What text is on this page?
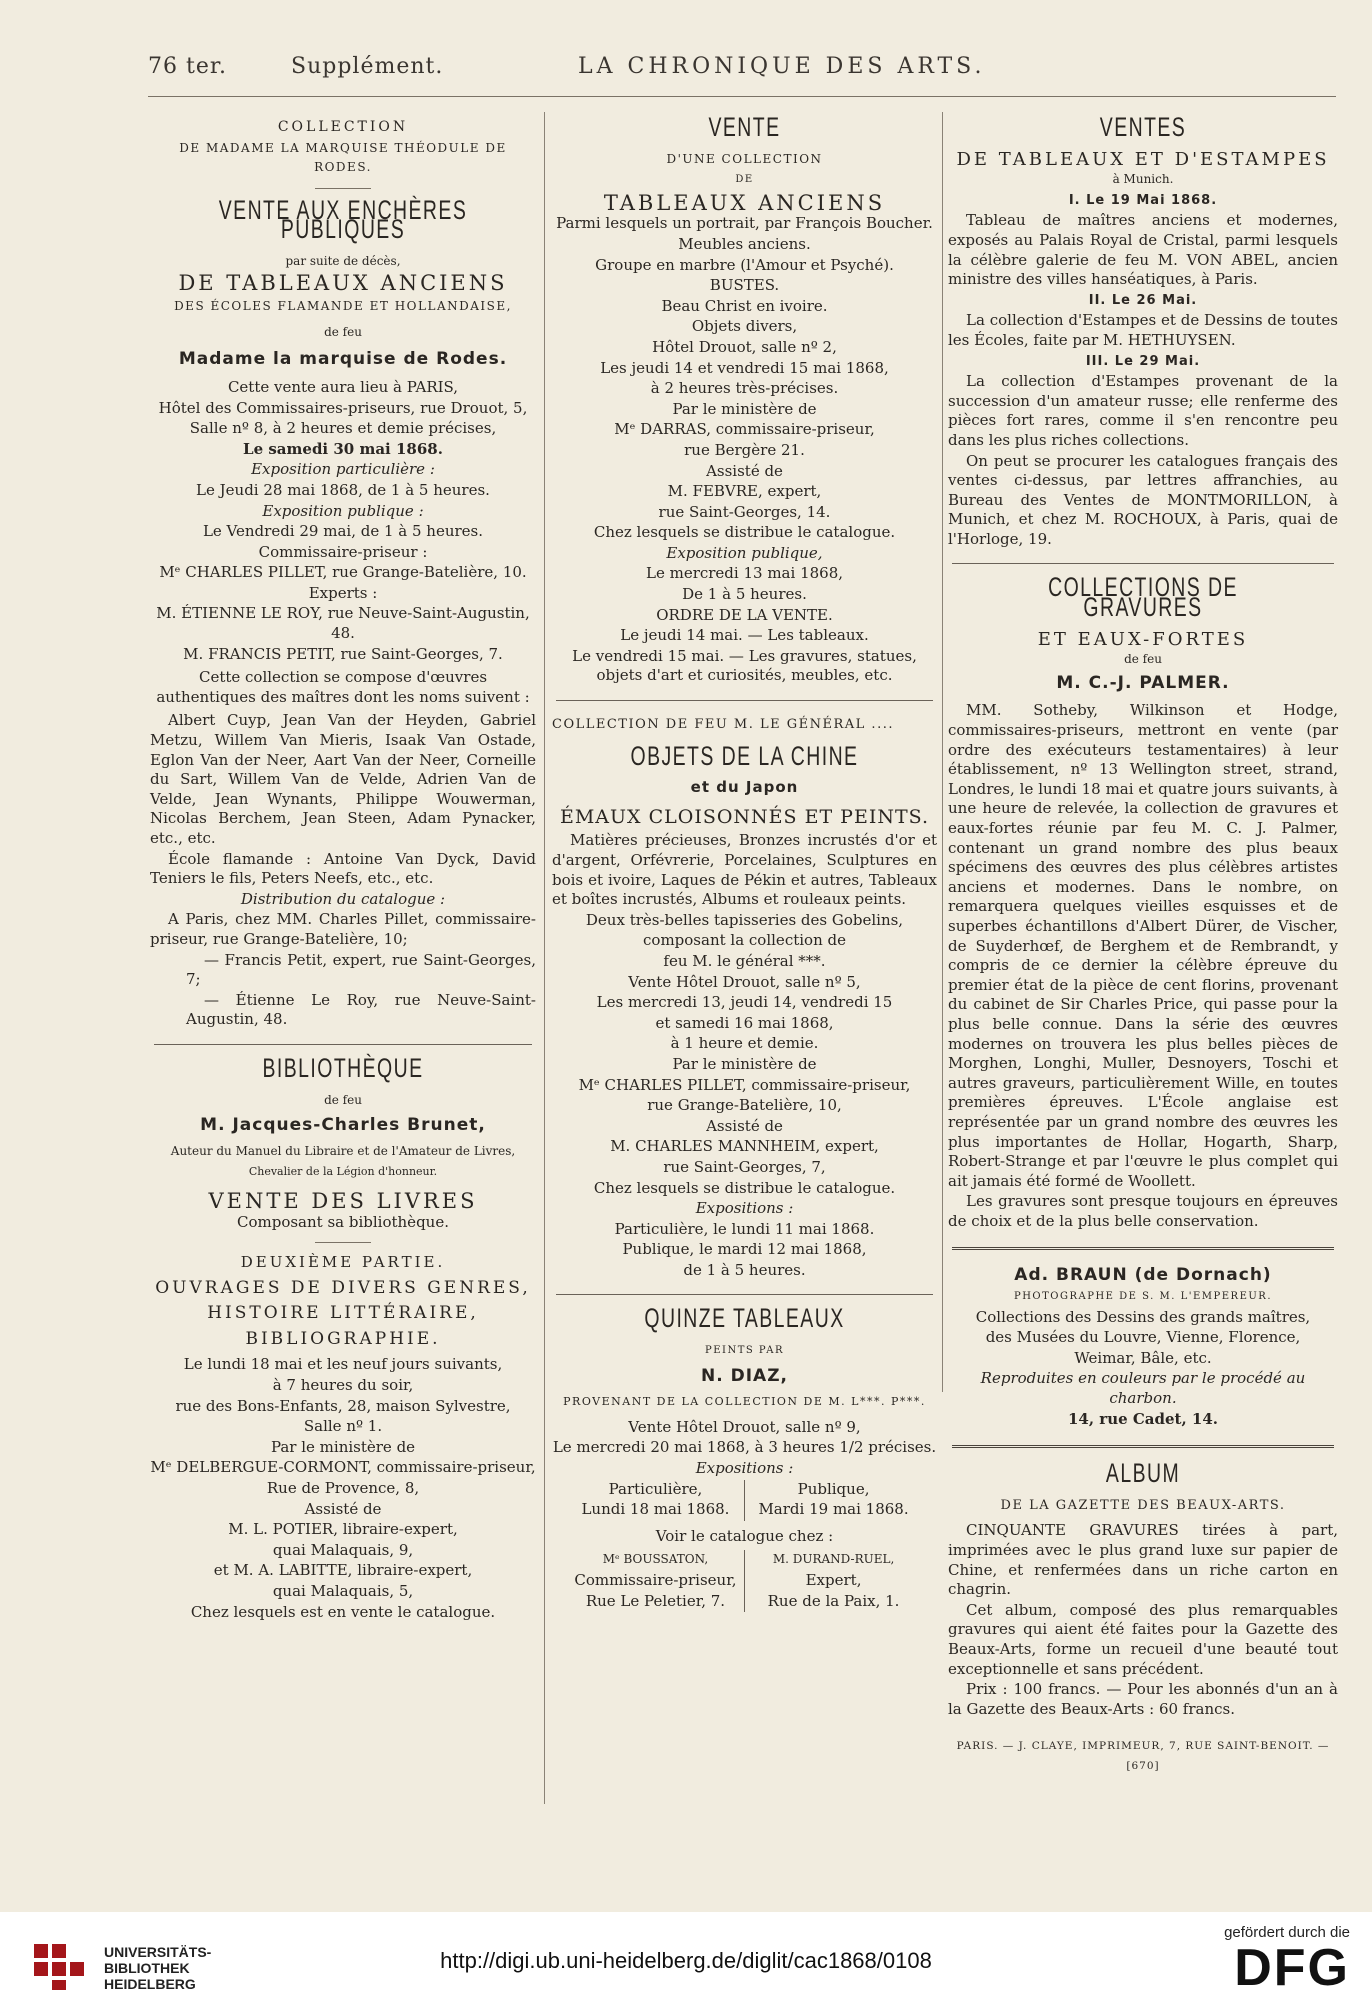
76 ter.	Supplément.	LA CHRONIQUE DES ARTS.

COLLECTION

DE MADAME LA MARQUISE THÉODULE DE RODES.

VENTE AUX ENCHÈRES PUBLIQUES

par suite de décès,

DE TABLEAUX ANCIENS

DES ÉCOLES FLAMANDE ET HOLLANDAISE,

de feu

Madame la marquise de Rodes.

Cette vente aura lieu à PARIS,

Hôtel des Commissaires-priseurs, rue Drouot, 5,

Salle nº 8, à 2 heures et demie précises,

Le samedi 30 mai 1868.

Exposition particulière :

Le Jeudi 28 mai 1868, de 1 à 5 heures.

Exposition publique :

Le Vendredi 29 mai, de 1 à 5 heures.

Commissaire-priseur :

Mᵉ CHARLES PILLET, rue Grange-Batelière, 10.

Experts :

M. ÉTIENNE LE ROY, rue Neuve-Saint-Augustin, 48.

M. FRANCIS PETIT, rue Saint-Georges, 7.

Cette collection se compose d'œuvres authentiques des maîtres dont les noms suivent :

Albert Cuyp, Jean Van der Heyden, Gabriel Metzu, Willem Van Mieris, Isaak Van Ostade, Eglon Van der Neer, Aart Van der Neer, Corneille du Sart, Willem Van de Velde, Adrien Van de Velde, Jean Wynants, Philippe Wouwerman, Nicolas Berchem, Jean Steen, Adam Pynacker, etc., etc.

École flamande : Antoine Van Dyck, David Teniers le fils, Peters Neefs, etc., etc.

Distribution du catalogue :

A Paris, chez MM. Charles Pillet, commissaire-priseur, rue Grange-Batelière, 10;

— Francis Petit, expert, rue Saint-Georges, 7;

— Étienne Le Roy, rue Neuve-Saint-Augustin, 48.

BIBLIOTHÈQUE

de feu

M. Jacques-Charles Brunet,

Auteur du Manuel du Libraire et de l'Amateur de Livres,

Chevalier de la Légion d'honneur.

VENTE DES LIVRES

Composant sa bibliothèque.

DEUXIÈME PARTIE.

OUVRAGES DE DIVERS GENRES,

HISTOIRE LITTÉRAIRE,

BIBLIOGRAPHIE.

Le lundi 18 mai et les neuf jours suivants,

à 7 heures du soir,

rue des Bons-Enfants, 28, maison Sylvestre,

Salle nº 1.

Par le ministère de

Mᵉ DELBERGUE-CORMONT, commissaire-priseur,

Rue de Provence, 8,

Assisté de

M. L. POTIER, libraire-expert,

quai Malaquais, 9,

et M. A. LABITTE, libraire-expert,

quai Malaquais, 5,

Chez lesquels est en vente le catalogue.

VENTE

D'UNE COLLECTION

DE

TABLEAUX ANCIENS

Parmi lesquels un portrait, par François Boucher.

Meubles anciens.

Groupe en marbre (l'Amour et Psyché).

BUSTES.

Beau Christ en ivoire.

Objets divers,

Hôtel Drouot, salle nº 2,

Les jeudi 14 et vendredi 15 mai 1868,

à 2 heures très-précises.

Par le ministère de

Mᵉ DARRAS, commissaire-priseur,

rue Bergère 21.

Assisté de

M. FEBVRE, expert,

rue Saint-Georges, 14.

Chez lesquels se distribue le catalogue.

Exposition publique,

Le mercredi 13 mai 1868,

De 1 à 5 heures.

ORDRE DE LA VENTE.

Le jeudi 14 mai. — Les tableaux.

Le vendredi 15 mai. — Les gravures, statues, objets d'art et curiosités, meubles, etc.

COLLECTION DE FEU M. LE GÉNÉRAL ....

OBJETS DE LA CHINE

et du Japon

ÉMAUX CLOISONNÉS ET PEINTS.

Matières précieuses, Bronzes incrustés d'or et d'argent, Orfévrerie, Porcelaines, Sculptures en bois et ivoire, Laques de Pékin et autres, Tableaux et boîtes incrustés, Albums et rouleaux peints.

Deux très-belles tapisseries des Gobelins,

composant la collection de

feu M. le général ***.

Vente Hôtel Drouot, salle nº 5,

Les mercredi 13, jeudi 14, vendredi 15

et samedi 16 mai 1868,

à 1 heure et demie.

Par le ministère de

Mᵉ CHARLES PILLET, commissaire-priseur,

rue Grange-Batelière, 10,

Assisté de

M. CHARLES MANNHEIM, expert,

rue Saint-Georges, 7,

Chez lesquels se distribue le catalogue.

Expositions :

Particulière, le lundi 11 mai 1868.

Publique, le mardi 12 mai 1868,

de 1 à 5 heures.

QUINZE TABLEAUX

PEINTS PAR

N. DIAZ,

PROVENANT DE LA COLLECTION DE M. L***. P***.

Vente Hôtel Drouot, salle nº 9,

Le mercredi 20 mai 1868, à 3 heures 1/2 précises.

Expositions :

Particulière,

Lundi 18 mai 1868.

Publique,

Mardi 19 mai 1868.

Voir le catalogue chez :

Mᵉ BOUSSATON,

Commissaire-priseur,

Rue Le Peletier, 7.

M. DURAND-RUEL,

Expert,

Rue de la Paix, 1.

VENTES

DE TABLEAUX ET D'ESTAMPES

à Munich.

I. Le 19 Mai 1868.

Tableau de maîtres anciens et modernes, exposés au Palais Royal de Cristal, parmi lesquels la célèbre galerie de feu M. VON ABEL, ancien ministre des villes hanséatiques, à Paris.

II. Le 26 Mai.

La collection d'Estampes et de Dessins de toutes les Écoles, faite par M. HETHUYSEN.

III. Le 29 Mai.

La collection d'Estampes provenant de la succession d'un amateur russe; elle renferme des pièces fort rares, comme il s'en rencontre peu dans les plus riches collections.

On peut se procurer les catalogues français des ventes ci-dessus, par lettres affranchies, au Bureau des Ventes de MONTMORILLON, à Munich, et chez M. ROCHOUX, à Paris, quai de l'Horloge, 19.

COLLECTIONS DE GRAVURES

ET EAUX-FORTES

de feu

M. C.-J. PALMER.

MM. Sotheby, Wilkinson et Hodge, commissaires-priseurs, mettront en vente (par ordre des exécuteurs testamentaires) à leur établissement, nº 13 Wellington street, strand, Londres, le lundi 18 mai et quatre jours suivants, à une heure de relevée, la collection de gravures et eaux-fortes réunie par feu M. C. J. Palmer, contenant un grand nombre des plus beaux spécimens des œuvres des plus célèbres artistes anciens et modernes. Dans le nombre, on remarquera quelques vieilles esquisses et de superbes échantillons d'Albert Dürer, de Vischer, de Suyderhœf, de Berghem et de Rembrandt, y compris de ce dernier la célèbre épreuve du premier état de la pièce de cent florins, provenant du cabinet de Sir Charles Price, qui passe pour la plus belle connue. Dans la série des œuvres modernes on trouvera les plus belles pièces de Morghen, Longhi, Muller, Desnoyers, Toschi et autres graveurs, particulièrement Wille, en toutes premières épreuves. L'École anglaise est représentée par un grand nombre des œuvres les plus importantes de Hollar, Hogarth, Sharp, Robert-Strange et par l'œuvre le plus complet qui ait jamais été formé de Woollett.

Les gravures sont presque toujours en épreuves de choix et de la plus belle conservation.

Ad. BRAUN (de Dornach)

PHOTOGRAPHE DE S. M. L'EMPEREUR.

Collections des Dessins des grands maîtres,

des Musées du Louvre, Vienne, Florence,

Weimar, Bâle, etc.

Reproduites en couleurs par le procédé au charbon.

14, rue Cadet, 14.

ALBUM

DE LA GAZETTE DES BEAUX-ARTS.

CINQUANTE GRAVURES tirées à part, imprimées avec le plus grand luxe sur papier de Chine, et renfermées dans un riche carton en chagrin.

Cet album, composé des plus remarquables gravures qui aient été faites pour la Gazette des Beaux-Arts, forme un recueil d'une beauté tout exceptionnelle et sans précédent.

Prix : 100 francs. — Pour les abonnés d'un an à la Gazette des Beaux-Arts : 60 francs.

PARIS. — J. CLAYE, IMPRIMEUR, 7, RUE SAINT-BENOIT. — [670]

UNIVERSITÄTS-
BIBLIOTHEK
HEIDELBERG
http://digi.ub.uni-heidelberg.de/diglit/cac1868/0108
gefördert durch die
DFG
